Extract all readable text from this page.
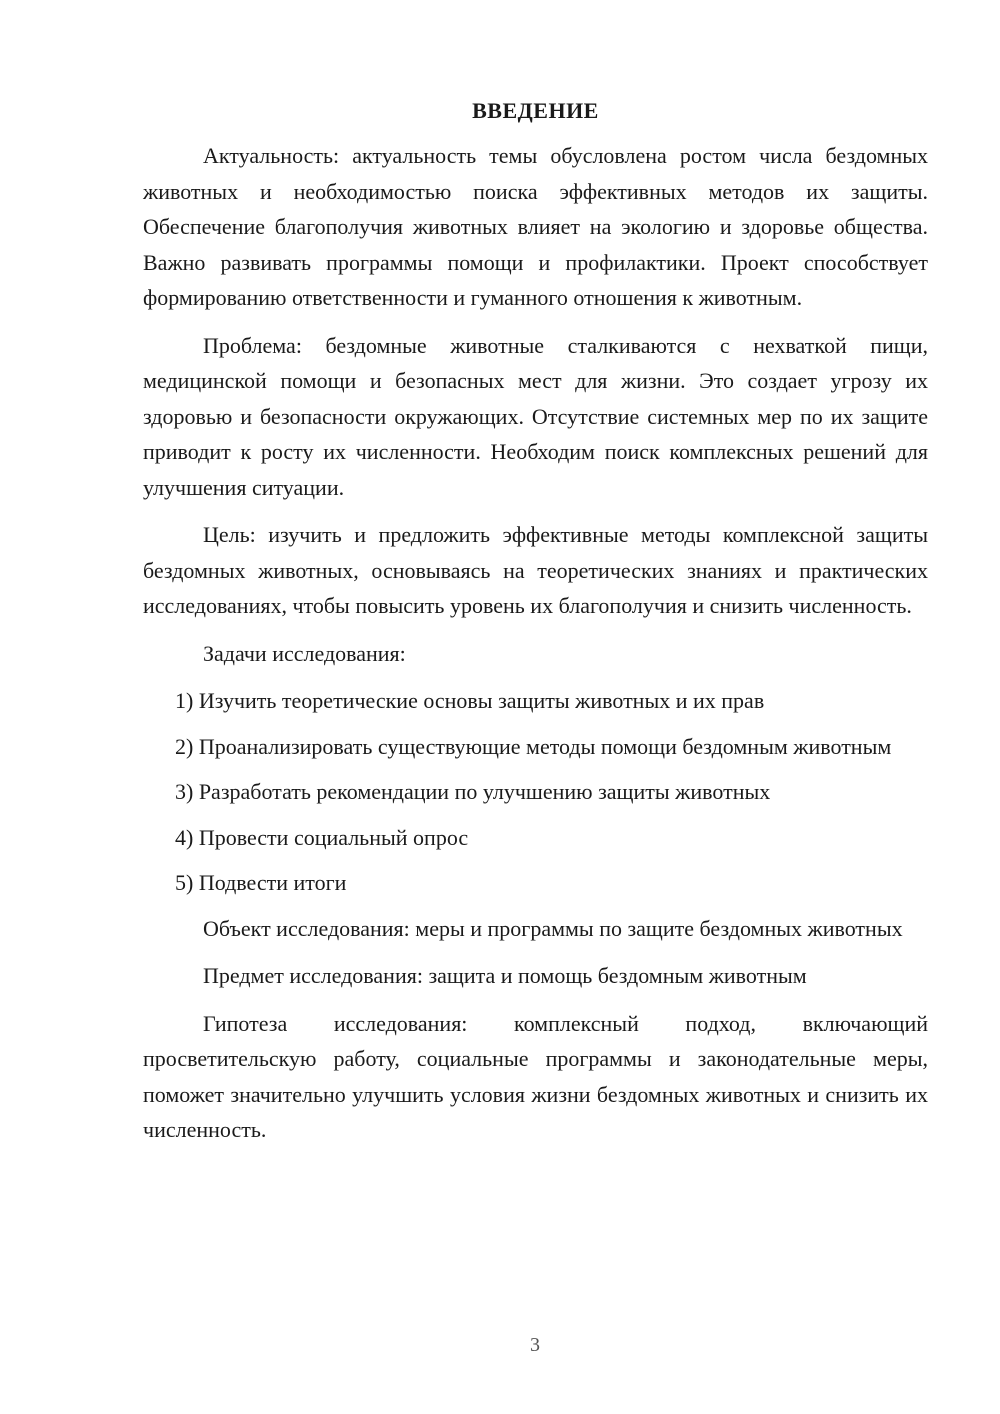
ВВЕДЕНИЕ

Актуальность: актуальность темы обусловлена ростом числа бездомных животных и необходимостью поиска эффективных методов их защиты. Обеспечение благополучия животных влияет на экологию и здоровье общества. Важно развивать программы помощи и профилактики. Проект способствует формированию ответственности и гуманного отношения к животным.

Проблема: бездомные животные сталкиваются с нехваткой пищи, медицинской помощи и безопасных мест для жизни. Это создает угрозу их здоровью и безопасности окружающих. Отсутствие системных мер по их защите приводит к росту их численности. Необходим поиск комплексных решений для улучшения ситуации.

Цель: изучить и предложить эффективные методы комплексной защиты бездомных животных, основываясь на теоретических знаниях и практических исследованиях, чтобы повысить уровень их благополучия и снизить численность.

Задачи исследования:

1) Изучить теоретические основы защиты животных и их прав

2) Проанализировать существующие методы помощи бездомным животным

3) Разработать рекомендации по улучшению защиты животных

4) Провести социальный опрос

5) Подвести итоги

Объект исследования: меры и программы по защите бездомных животных

Предмет исследования: защита и помощь бездомным животным

Гипотеза исследования: комплексный подход, включающий просветительскую работу, социальные программы и законодательные меры, поможет значительно улучшить условия жизни бездомных животных и снизить их численность.

3
